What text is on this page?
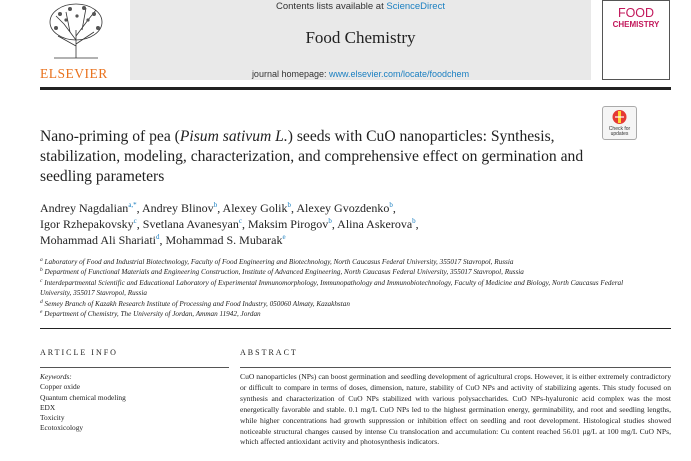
ELSEVIER
Contents lists available at ScienceDirect
Food Chemistry
journal homepage: www.elsevier.com/locate/foodchem
FOOD
CHEMISTRY
Check for
updates
Nano-priming of pea (Pisum sativum L.) seeds with CuO nanoparticles: Synthesis, stabilization, modeling, characterization, and comprehensive effect on germination and seedling parameters
Andrey Nagdalian$^{a,*}$, Andrey Blinov$^b$, Alexey Golik$^b$, Alexey Gvozdenko$^b$,
Igor Rzhepakovsky$^c$, Svetlana Avanesyan$^c$, Maksim Pirogov$^b$, Alina Askerova$^b$,
Mohammad Ali Shariati$^d$, Mohammad S. Mubarak$^e$
$^a$ Laboratory of Food and Industrial Biotechnology, Faculty of Food Engineering and Biotechnology, North Caucasus Federal University, 355017 Stavropol, Russia
$^b$ Department of Functional Materials and Engineering Construction, Institute of Advanced Engineering, North Caucasus Federal University, 355017 Stavropol, Russia
$^c$ Interdepartmental Scientific and Educational Laboratory of Experimental Immunomorphology, Immunopathology and Immunobiotechnology, Faculty of Medicine and Biology, North Caucasus Federal University, 355017 Stavropol, Russia
$^d$ Semey Branch of Kazakh Research Institute of Processing and Food Industry, 050060 Almaty, Kazakhstan
$^e$ Department of Chemistry, The University of Jordan, Amman 11942, Jordan
ARTICLE INFO
Keywords:
Copper oxide
Quantum chemical modeling
EDX
Toxicity
Ecotoxicology
ABSTRACT
CuO nanoparticles (NPs) can boost germination and seedling development of agricultural crops. However, it is either extremely contradictory or difficult to compare in terms of doses, dimension, nature, stability of CuO NPs and activity of stabilizing agents. This study focused on synthesis and characterization of CuO NPs stabilized with various polysaccharides. CuO NPs-hyaluronic acid complex was the most energetically favorable and stable. 0.1 mg/L CuO NPs led to the highest germination energy, germinability, and root and seedling lengths, while higher concentrations had growth suppression or inhibition effect on seedling and root development. Histological studies showed noticeable structural changes caused by intense Cu translocation and accumulation: Cu content reached 56.01 μg/L at 100 mg/L CuO NPs, which affected antioxidant activity and photosynthesis indicators.
